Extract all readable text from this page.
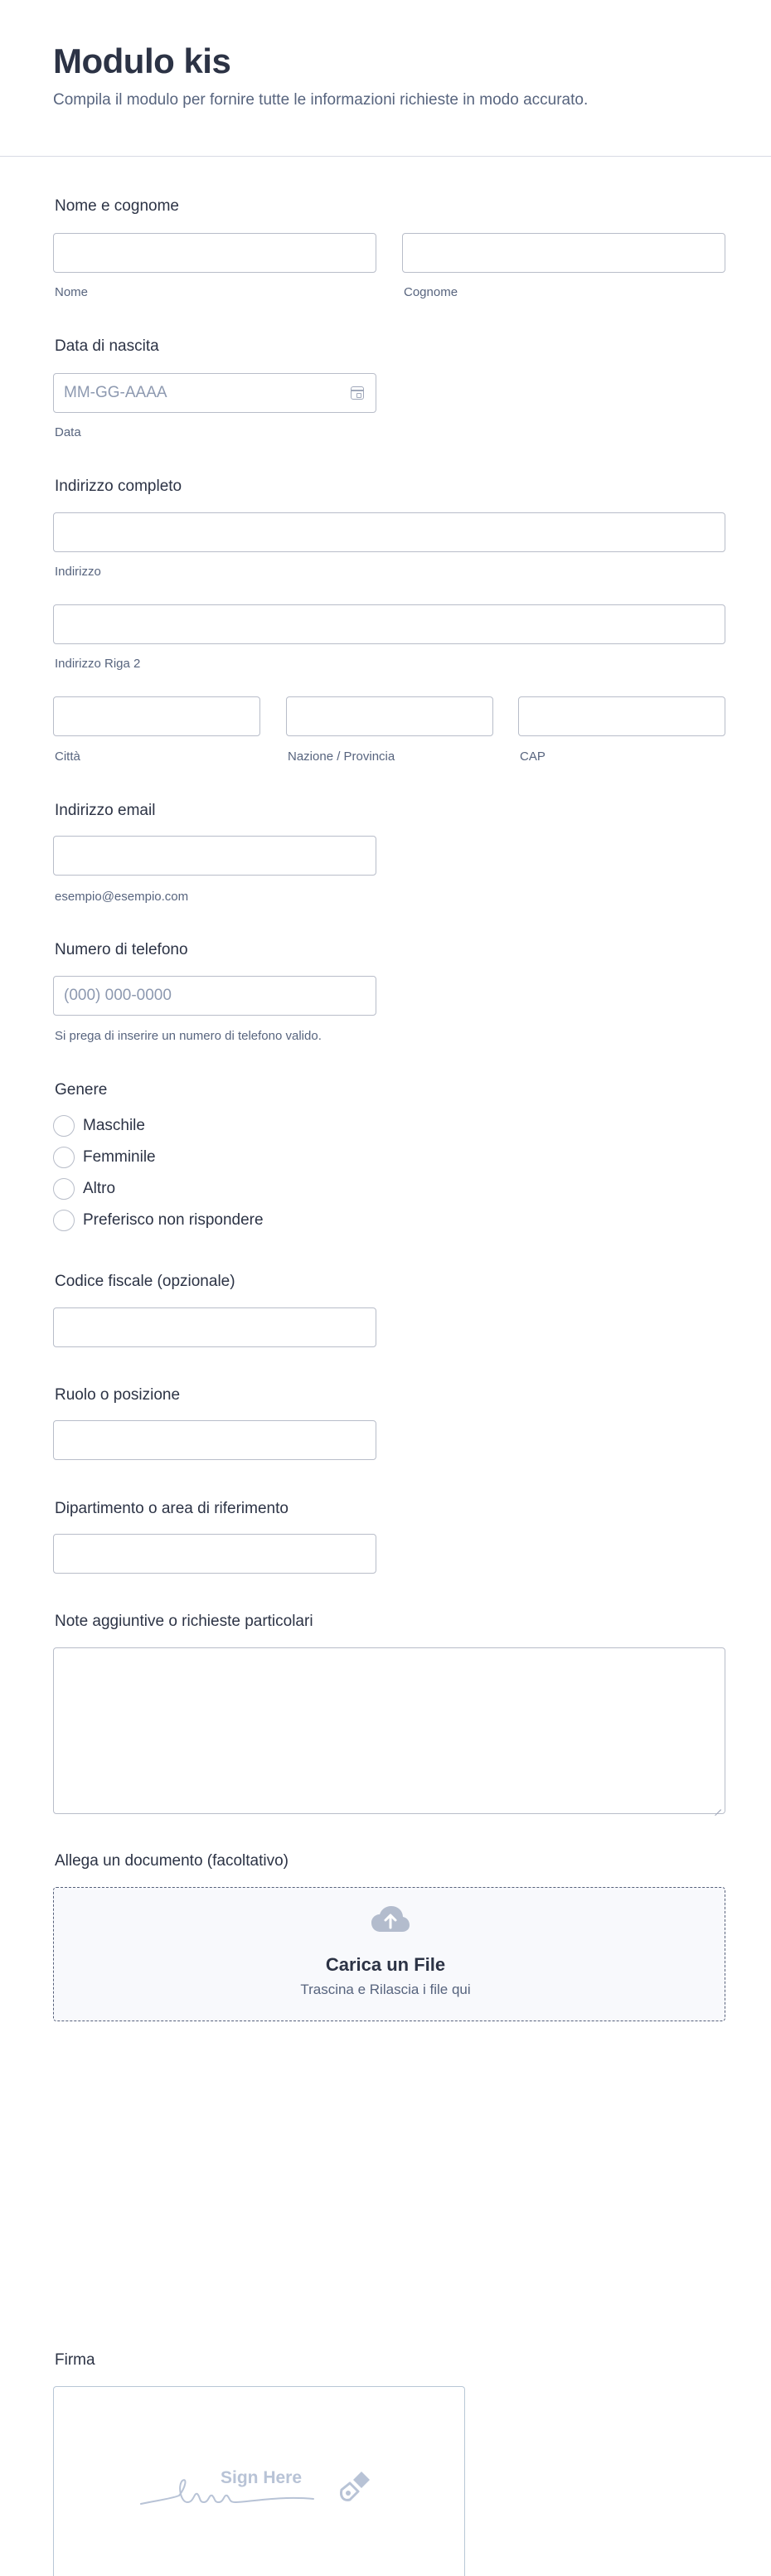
Modulo kis
Compila il modulo per fornire tutte le informazioni richieste in modo accurato.
Nome e cognome
Nome	Cognome
Data di nascita
MM-GG-AAAA
Data
Indirizzo completo
Indirizzo
Indirizzo Riga 2
Città	Nazione / Provincia	CAP
Indirizzo email
esempio@esempio.com
Numero di telefono
(000) 000-0000
Si prega di inserire un numero di telefono valido.
Genere
Maschile
Femminile
Altro
Preferisco non rispondere
Codice fiscale (opzionale)
Ruolo o posizione
Dipartimento o area di riferimento
Note aggiuntive o richieste particolari
Allega un documento (facoltativo)
Carica un File
Trascina e Rilascia i file qui
Firma
Sign Here
